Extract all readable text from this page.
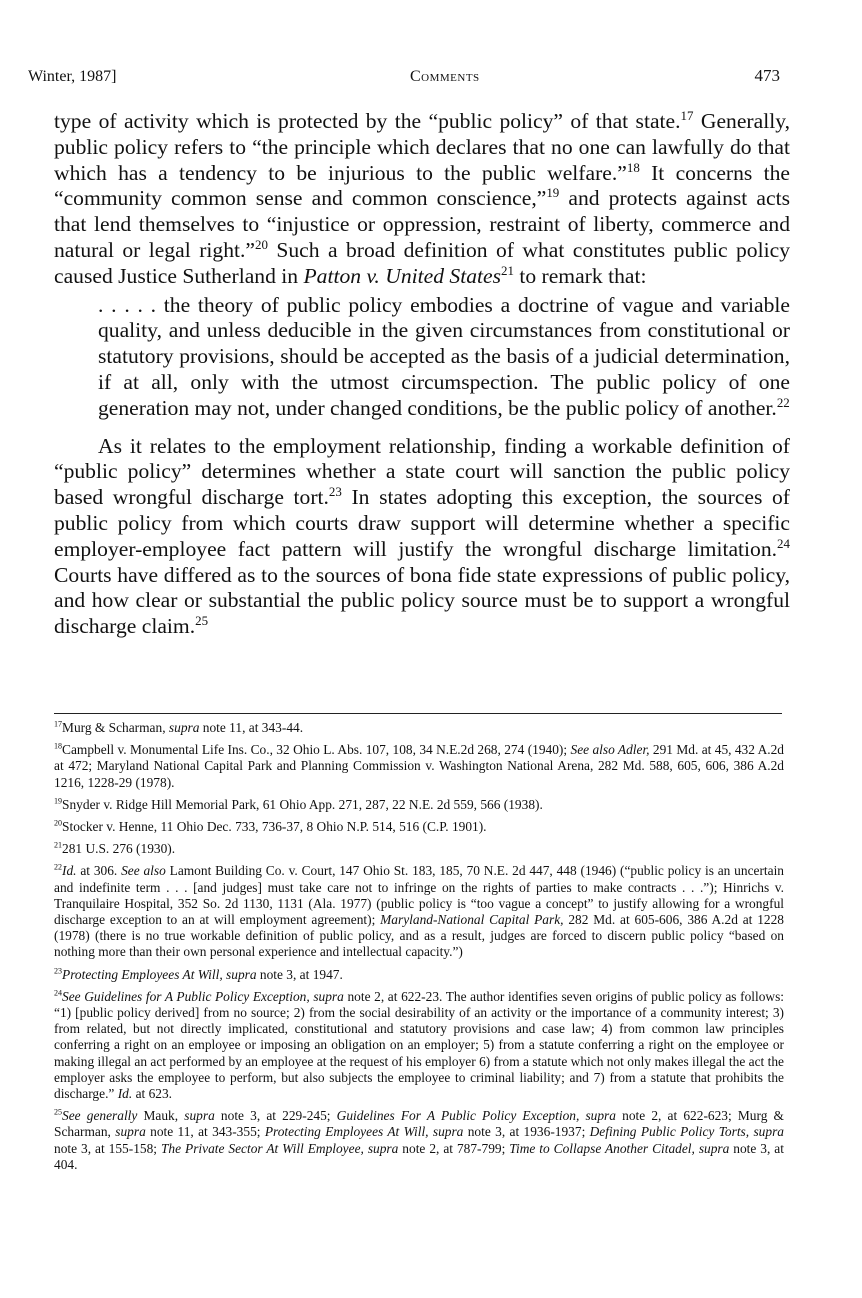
Winter, 1987]	Comments	473

type of activity which is protected by the “public policy” of that state.$^{17}$ Generally, public policy refers to “the principle which declares that no one can lawfully do that which has a tendency to be injurious to the public welfare.”$^{18}$ It concerns the “community common sense and common conscience,”$^{19}$ and protects against acts that lend themselves to “injustice or oppression, restraint of liberty, commerce and natural or legal right.”$^{20}$ Such a broad definition of what constitutes public policy caused Justice Sutherland in Patton v. United States$^{21}$ to remark that:

. . . . . the theory of public policy embodies a doctrine of vague and variable quality, and unless deducible in the given circumstances from constitutional or statutory provisions, should be accepted as the basis of a judicial determination, if at all, only with the utmost circumspection. The public policy of one generation may not, under changed conditions, be the public policy of another.$^{22}$

As it relates to the employment relationship, finding a workable definition of “public policy” determines whether a state court will sanction the public policy based wrongful discharge tort.$^{23}$ In states adopting this exception, the sources of public policy from which courts draw support will determine whether a specific employer-employee fact pattern will justify the wrongful discharge limitation.$^{24}$ Courts have differed as to the sources of bona fide state expressions of public policy, and how clear or substantial the public policy source must be to support a wrongful discharge claim.$^{25}$

$^{17}$Murg & Scharman, supra note 11, at 343-44.

$^{18}$Campbell v. Monumental Life Ins. Co., 32 Ohio L. Abs. 107, 108, 34 N.E.2d 268, 274 (1940); See also Adler, 291 Md. at 45, 432 A.2d at 472; Maryland National Capital Park and Planning Commission v. Washington National Arena, 282 Md. 588, 605, 606, 386 A.2d 1216, 1228-29 (1978).

$^{19}$Snyder v. Ridge Hill Memorial Park, 61 Ohio App. 271, 287, 22 N.E. 2d 559, 566 (1938).

$^{20}$Stocker v. Henne, 11 Ohio Dec. 733, 736-37, 8 Ohio N.P. 514, 516 (C.P. 1901).

$^{21}$281 U.S. 276 (1930).

$^{22}$Id. at 306. See also Lamont Building Co. v. Court, 147 Ohio St. 183, 185, 70 N.E. 2d 447, 448 (1946) (“public policy is an uncertain and indefinite term . . . [and judges] must take care not to infringe on the rights of parties to make contracts . . .”); Hinrichs v. Tranquilaire Hospital, 352 So. 2d 1130, 1131 (Ala. 1977) (public policy is “too vague a concept” to justify allowing for a wrongful discharge exception to an at will employment agreement); Maryland-National Capital Park, 282 Md. at 605-606, 386 A.2d at 1228 (1978) (there is no true workable definition of public policy, and as a result, judges are forced to discern public policy “based on nothing more than their own personal experience and intellectual capacity.”)

$^{23}$Protecting Employees At Will, supra note 3, at 1947.

$^{24}$See Guidelines for A Public Policy Exception, supra note 2, at 622-23. The author identifies seven origins of public policy as follows: “1) [public policy derived] from no source; 2) from the social desirability of an activity or the importance of a community interest; 3) from related, but not directly implicated, constitutional and statutory provisions and case law; 4) from common law principles conferring a right on an employee or imposing an obligation on an employer; 5) from a statute conferring a right on the employee or making illegal an act performed by an employee at the request of his employer 6) from a statute which not only makes illegal the act the employer asks the employee to perform, but also subjects the employee to criminal liability; and 7) from a statute that prohibits the discharge.” Id. at 623.

$^{25}$See generally Mauk, supra note 3, at 229-245; Guidelines For A Public Policy Exception, supra note 2, at 622-623; Murg & Scharman, supra note 11, at 343-355; Protecting Employees At Will, supra note 3, at 1936-1937; Defining Public Policy Torts, supra note 3, at 155-158; The Private Sector At Will Employee, supra note 2, at 787-799; Time to Collapse Another Citadel, supra note 3, at 404.
